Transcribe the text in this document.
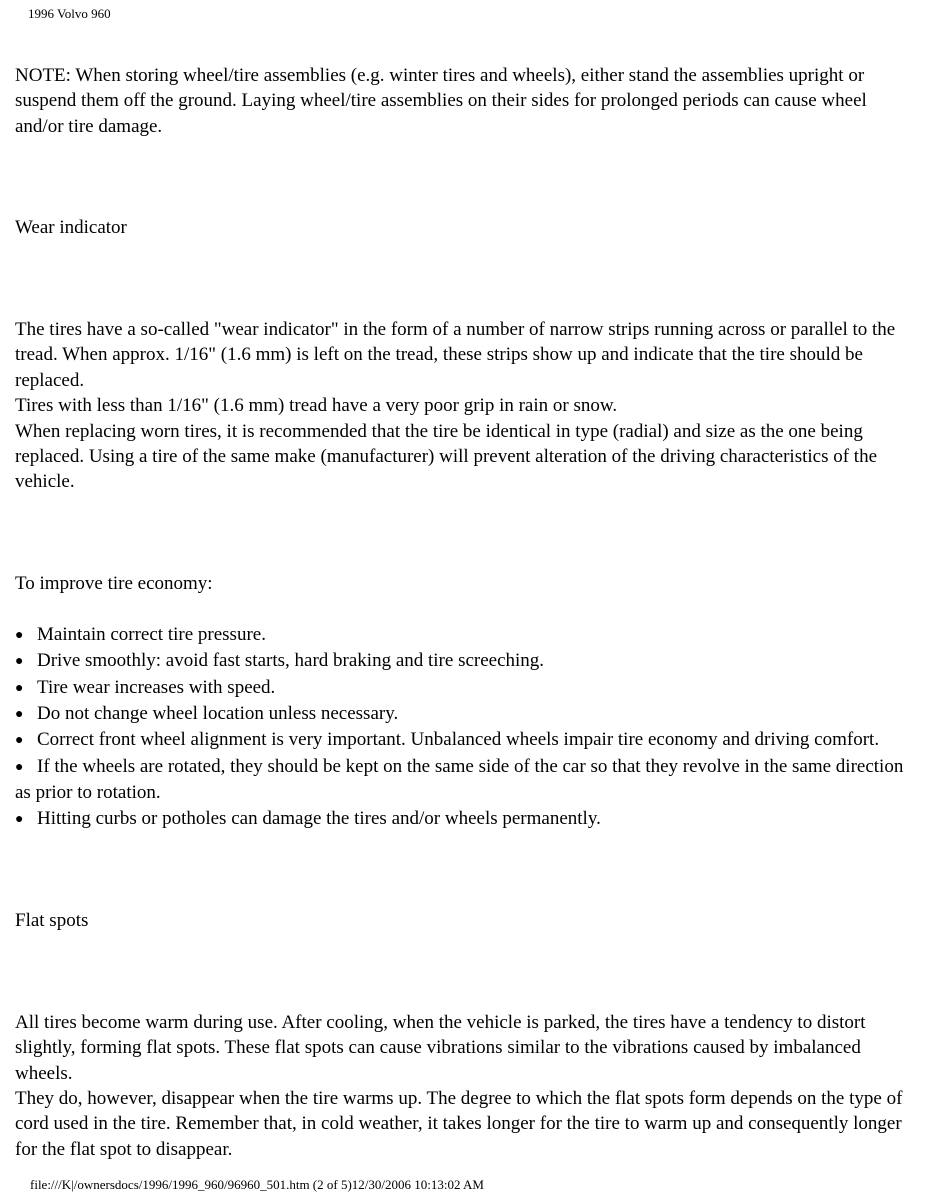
1996 Volvo 960

NOTE: When storing wheel/tire assemblies (e.g. winter tires and wheels), either stand the assemblies upright or suspend them off the ground. Laying wheel/tire assemblies on their sides for prolonged periods can cause wheel and/or tire damage.

Wear indicator

The tires have a so-called "wear indicator" in the form of a number of narrow strips running across or parallel to the tread. When approx. 1/16" (1.6 mm) is left on the tread, these strips show up and indicate that the tire should be replaced.

Tires with less than 1/16" (1.6 mm) tread have a very poor grip in rain or snow.

When replacing worn tires, it is recommended that the tire be identical in type (radial) and size as the one being replaced. Using a tire of the same make (manufacturer) will prevent alteration of the driving characteristics of the vehicle.

To improve tire economy:

● Maintain correct tire pressure.

● Drive smoothly: avoid fast starts, hard braking and tire screeching.

● Tire wear increases with speed.

● Do not change wheel location unless necessary.

● Correct front wheel alignment is very important. Unbalanced wheels impair tire economy and driving comfort.

● If the wheels are rotated, they should be kept on the same side of the car so that they revolve in the same direction as prior to rotation.

● Hitting curbs or potholes can damage the tires and/or wheels permanently.

Flat spots

All tires become warm during use. After cooling, when the vehicle is parked, the tires have a tendency to distort slightly, forming flat spots. These flat spots can cause vibrations similar to the vibrations caused by imbalanced wheels.

They do, however, disappear when the tire warms up. The degree to which the flat spots form depends on the type of cord used in the tire. Remember that, in cold weather, it takes longer for the tire to warm up and consequently longer for the flat spot to disappear.

file:///K|/ownersdocs/1996/1996_960/96960_501.htm (2 of 5)12/30/2006 10:13:02 AM
